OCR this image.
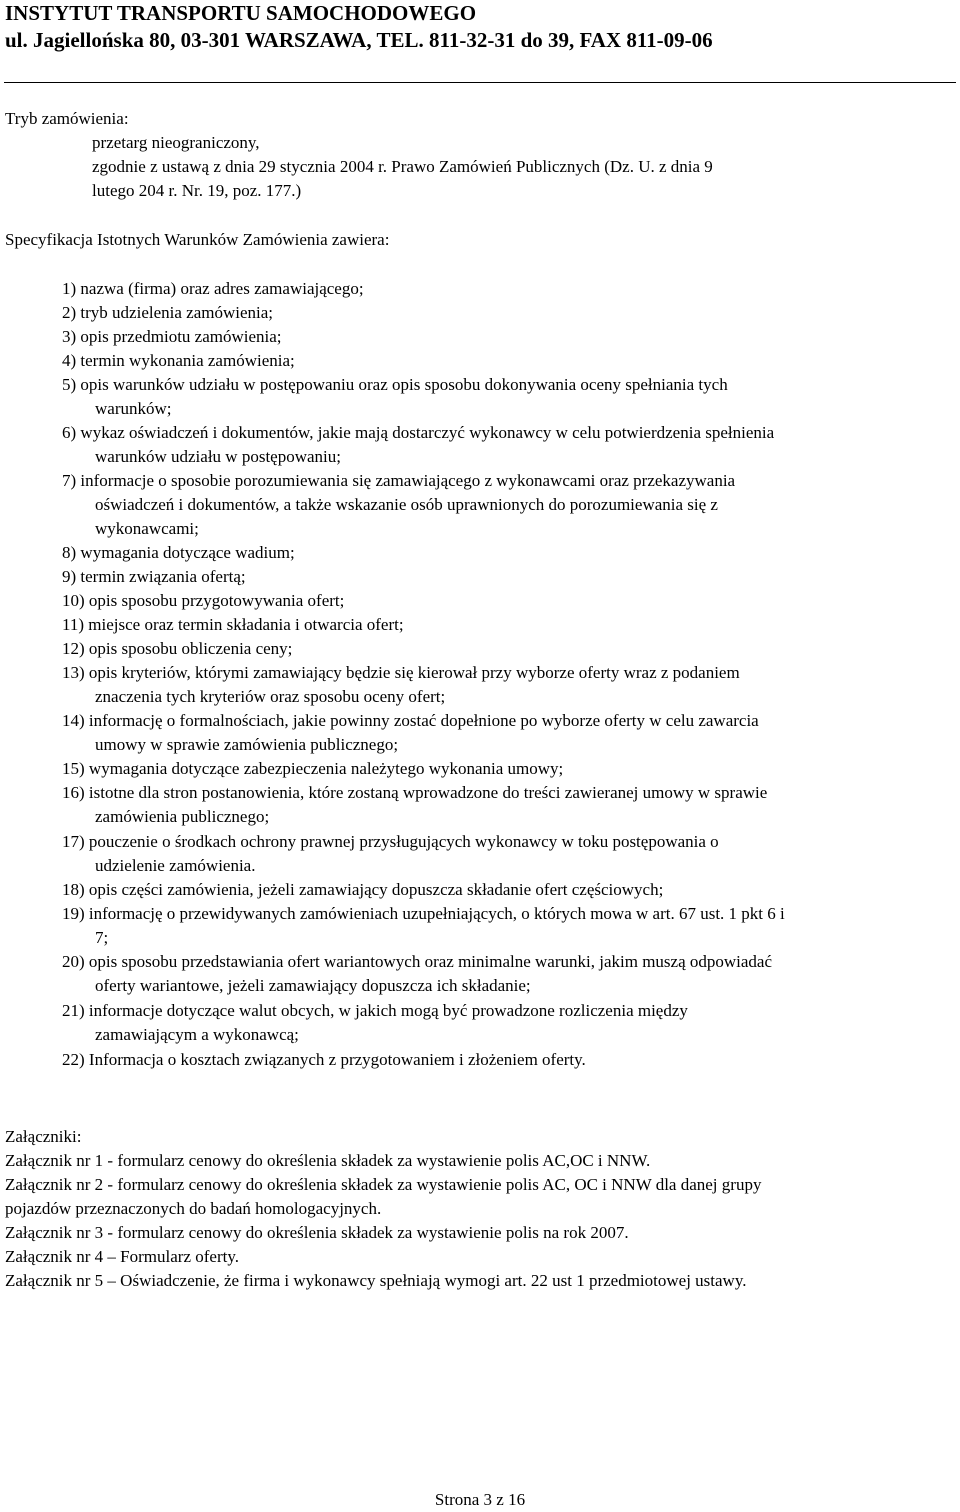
INSTYTUT TRANSPORTU SAMOCHODOWEGO
ul. Jagiellońska 80, 03-301 WARSZAWA, TEL. 811-32-31 do 39, FAX 811-09-06
Tryb zamówienia:
przetarg nieograniczony,
zgodnie z ustawą z dnia 29 stycznia 2004 r. Prawo Zamówień Publicznych (Dz. U. z dnia 9
lutego 204 r. Nr. 19, poz. 177.)
Specyfikacja Istotnych Warunków Zamówienia zawiera:
1) nazwa (firma) oraz adres zamawiającego;
2) tryb udzielenia zamówienia;
3) opis przedmiotu zamówienia;
4) termin wykonania zamówienia;
5) opis warunków udziału w postępowaniu oraz opis sposobu dokonywania oceny spełniania tych
warunków;
6) wykaz oświadczeń i dokumentów, jakie mają dostarczyć wykonawcy w celu potwierdzenia spełnienia
warunków udziału w postępowaniu;
7) informacje o sposobie porozumiewania się zamawiającego z wykonawcami oraz przekazywania
oświadczeń i dokumentów, a także wskazanie osób uprawnionych do porozumiewania się z
wykonawcami;
8) wymagania dotyczące wadium;
9) termin związania ofertą;
10) opis sposobu przygotowywania ofert;
11) miejsce oraz termin składania i otwarcia ofert;
12) opis sposobu obliczenia ceny;
13) opis kryteriów, którymi zamawiający będzie się kierował przy wyborze oferty wraz z podaniem
znaczenia tych kryteriów oraz sposobu oceny ofert;
14) informację o formalnościach, jakie powinny zostać dopełnione po wyborze oferty w celu zawarcia
umowy w sprawie zamówienia publicznego;
15) wymagania dotyczące zabezpieczenia należytego wykonania umowy;
16) istotne dla stron postanowienia, które zostaną wprowadzone do treści zawieranej umowy w sprawie
zamówienia publicznego;
17) pouczenie o środkach ochrony prawnej przysługujących wykonawcy w toku postępowania o
udzielenie zamówienia.
18) opis części zamówienia, jeżeli zamawiający dopuszcza składanie ofert częściowych;
19) informację o przewidywanych zamówieniach uzupełniających, o których mowa w art. 67 ust. 1 pkt 6 i
7;
20) opis sposobu przedstawiania ofert wariantowych oraz minimalne warunki, jakim muszą odpowiadać
oferty wariantowe, jeżeli zamawiający dopuszcza ich składanie;
21) informacje dotyczące walut obcych, w jakich mogą być prowadzone rozliczenia między
zamawiającym a wykonawcą;
22) Informacja o kosztach związanych z przygotowaniem i złożeniem oferty.
Załączniki:
Załącznik nr 1 - formularz cenowy do określenia składek za wystawienie polis AC,OC i NNW.
Załącznik nr 2 - formularz cenowy do określenia składek za wystawienie polis AC, OC i NNW dla danej grupy
pojazdów przeznaczonych do badań homologacyjnych.
Załącznik nr 3 - formularz cenowy do określenia składek za wystawienie polis na rok 2007.
Załącznik nr 4 – Formularz oferty.
Załącznik nr 5 – Oświadczenie, że firma i wykonawcy spełniają wymogi art. 22 ust 1 przedmiotowej ustawy.
Strona 3 z 16
